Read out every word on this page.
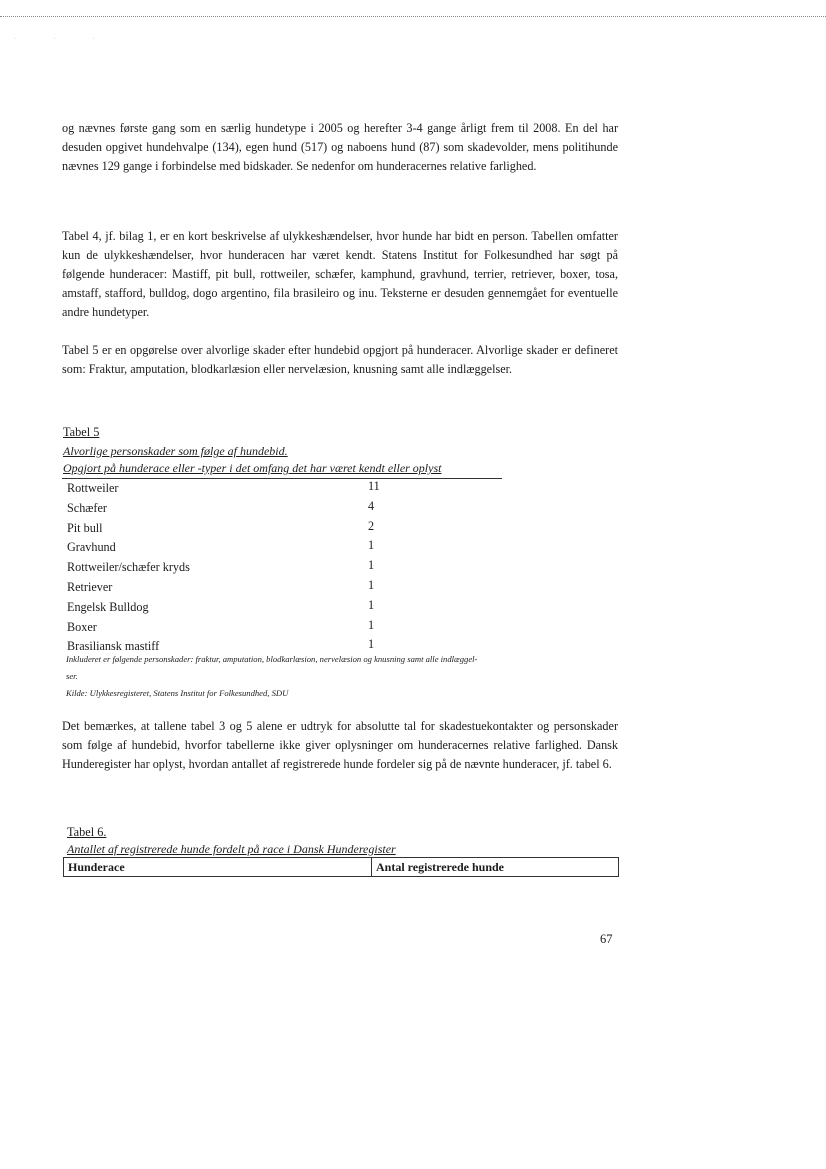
· · ·

og nævnes første gang som en særlig hundetype i 2005 og herefter 3-4 gange årligt frem til 2008. En del har desuden opgivet hundehvalpe (134), egen hund (517) og naboens hund (87) som skadevolder, mens politihunde nævnes 129 gange i forbindelse med bidskader. Se nedenfor om hunderacernes relative farlighed.

Tabel 4, jf. bilag 1, er en kort beskrivelse af ulykkeshændelser, hvor hunde har bidt en person. Tabellen omfatter kun de ulykkeshændelser, hvor hunderacen har været kendt. Statens Institut for Folkesundhed har søgt på følgende hunderacer: Mastiff, pit bull, rottweiler, schæfer, kamphund, gravhund, terrier, retriever, boxer, tosa, amstaff, stafford, bulldog, dogo argentino, fila brasileiro og inu. Teksterne er desuden gennemgået for eventuelle andre hundetyper.

Tabel 5 er en opgørelse over alvorlige skader efter hundebid opgjort på hunderacer. Alvorlige skader er defineret som: Fraktur, amputation, blodkarlæsion eller nervelæsion, knusning samt alle indlæggelser.

Tabel 5

Alvorlige personskader som følge af hundebid.

Opgjort på hunderace eller -typer i det omfang det har været kendt eller oplyst

Rottweiler	11
Schæfer	4
Pit bull	2
Gravhund	1
Rottweiler/schæfer kryds	1
Retriever	1
Engelsk Bulldog	1
Boxer	1
Brasiliansk mastiff	1

Inkluderet er følgende personskader: fraktur, amputation, blodkarlæsion, nervelæsion og knusning samt alle indlæggel-

ser.

Kilde: Ulykkesregisteret, Statens Institut for Folkesundhed, SDU

Det bemærkes, at tallene tabel 3 og 5 alene er udtryk for absolutte tal for skadestuekontakter og personskader som følge af hundebid, hvorfor tabellerne ikke giver oplysninger om hunderacernes relative farlighed. Dansk Hunderegister har oplyst, hvordan antallet af registrerede hunde fordeler sig på de nævnte hunderacer, jf. tabel 6.

Tabel 6.

Antallet af registrerede hunde fordelt på race i Dansk Hunderegister

Hunderace	Antal registrerede hunde

67
